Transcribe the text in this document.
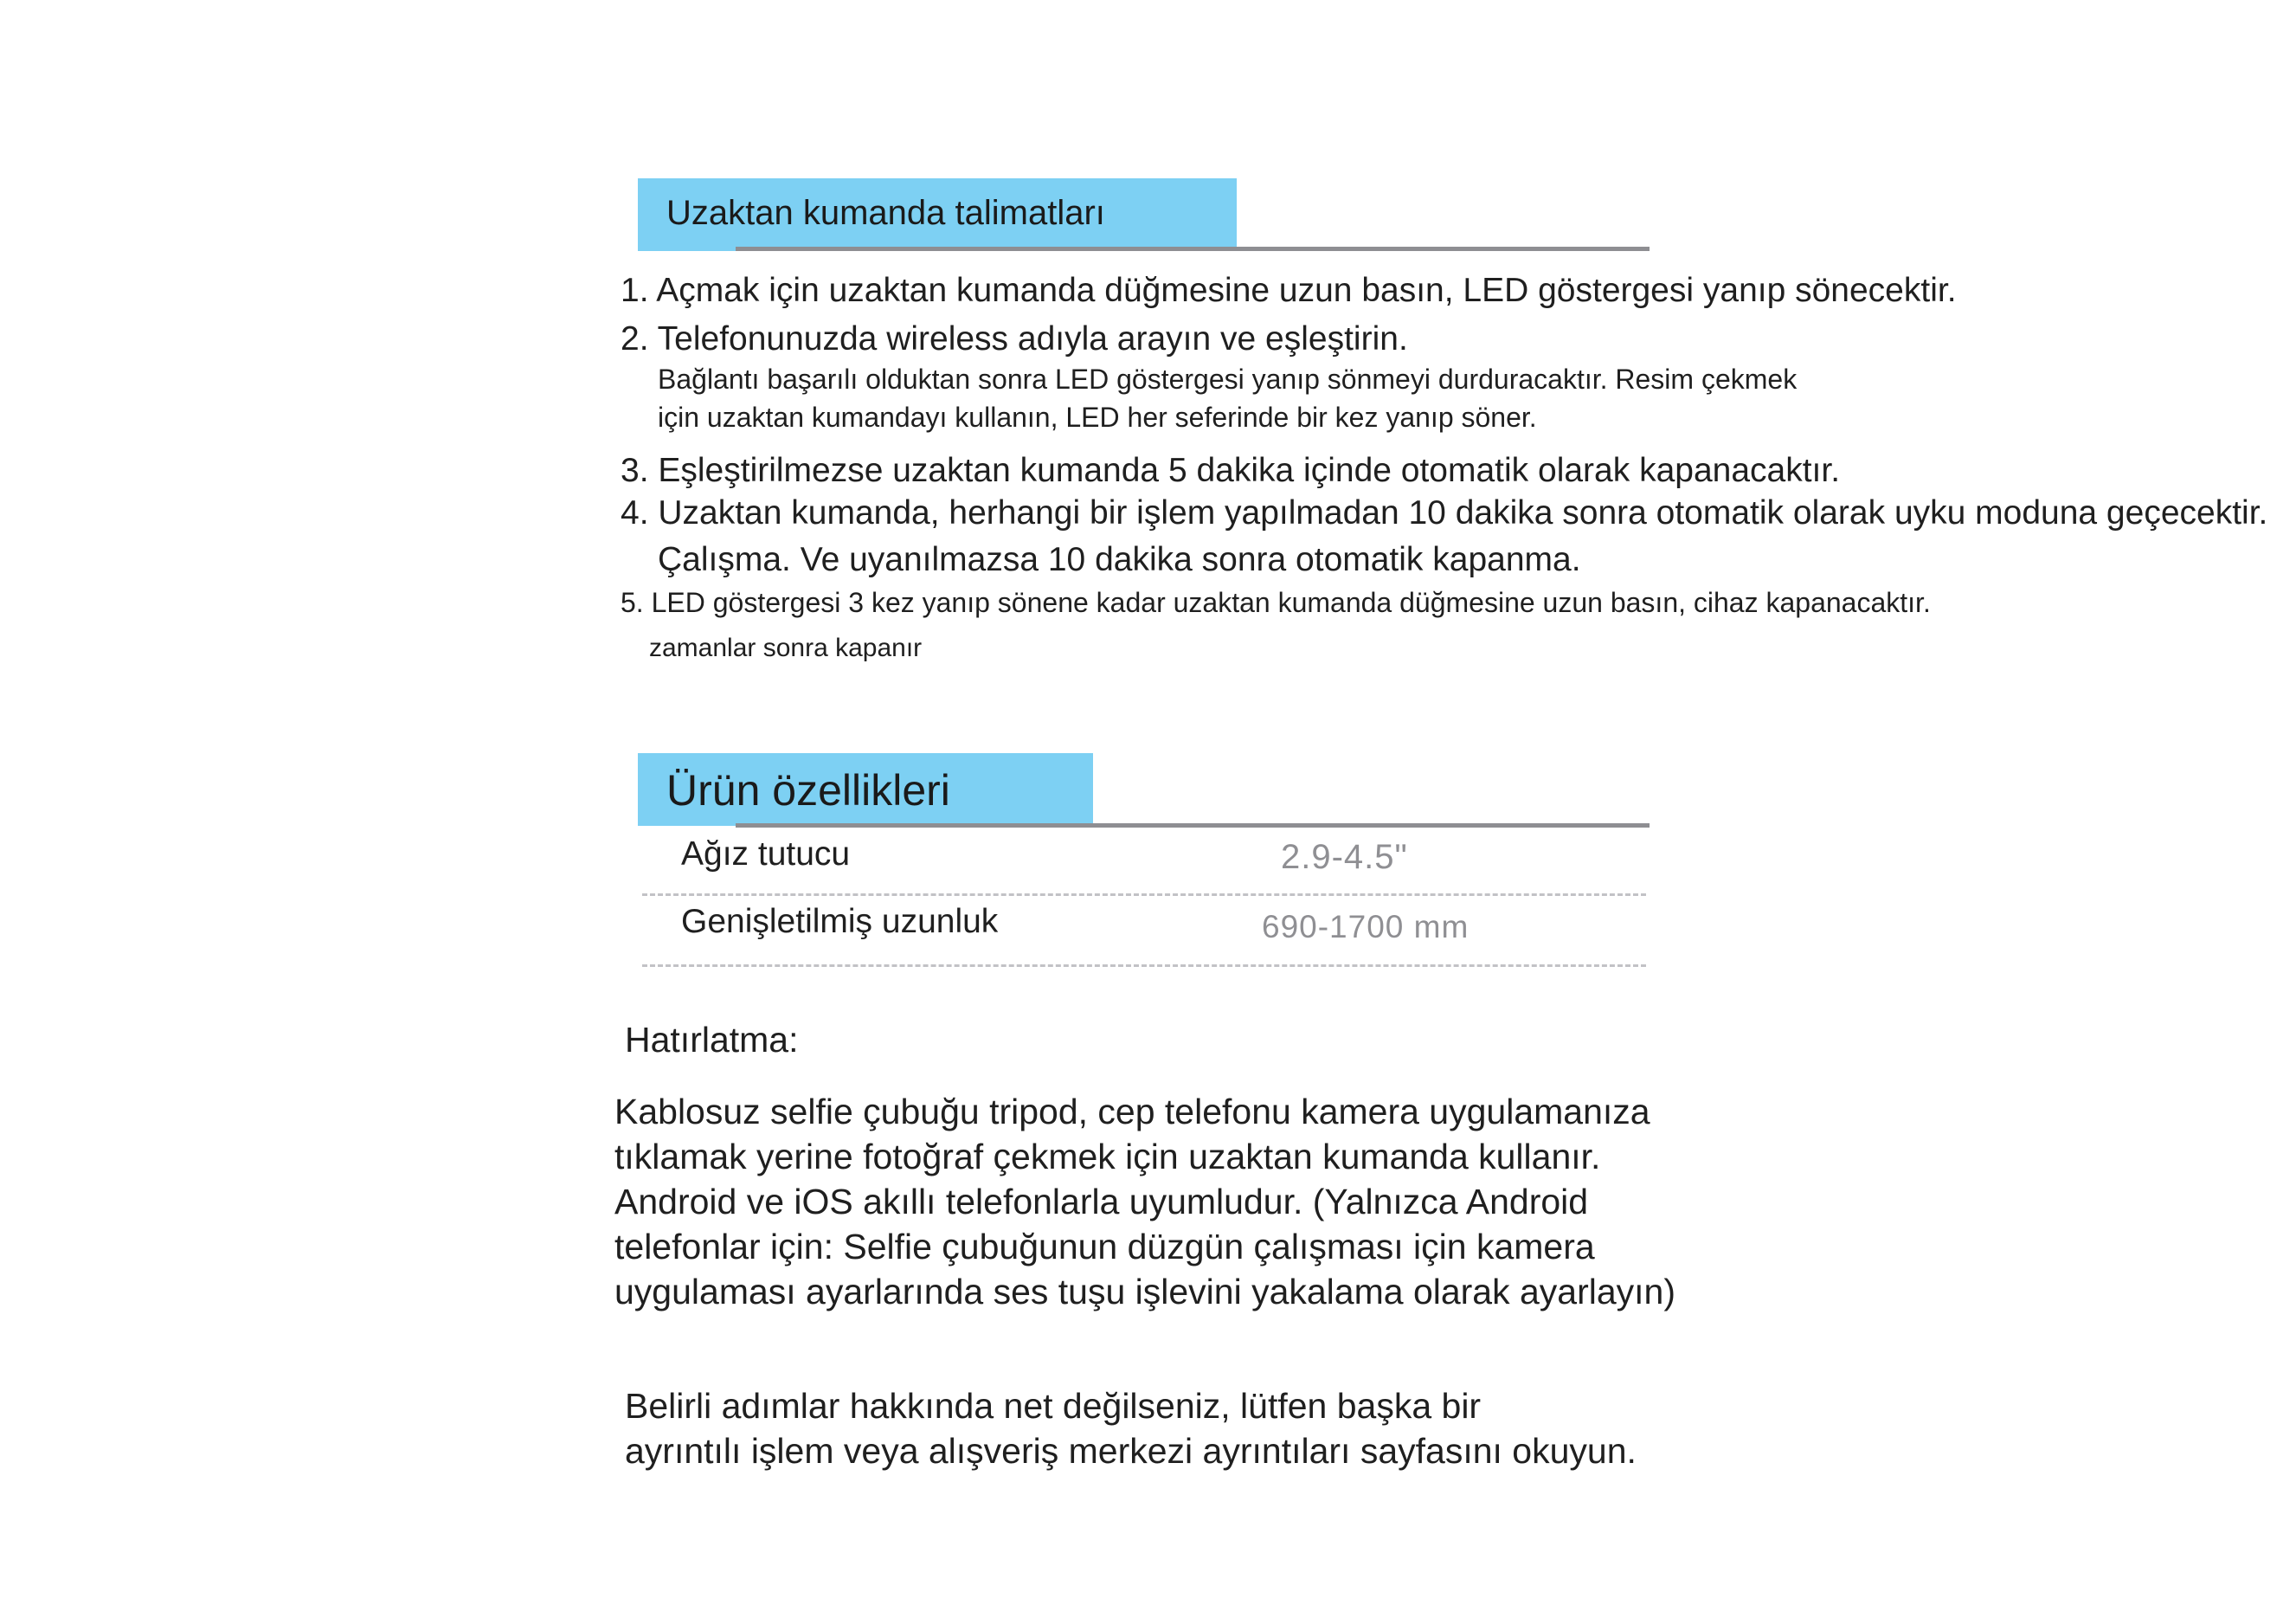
Uzaktan kumanda talimatları
1. Açmak için uzaktan kumanda düğmesine uzun basın, LED göstergesi yanıp sönecektir.
2. Telefonunuzda wireless adıyla arayın ve eşleştirin.
Bağlantı başarılı olduktan sonra LED göstergesi yanıp sönmeyi durduracaktır. Resim çekmek
için uzaktan kumandayı kullanın, LED her seferinde bir kez yanıp söner.
3. Eşleştirilmezse uzaktan kumanda 5 dakika içinde otomatik olarak kapanacaktır.
4. Uzaktan kumanda, herhangi bir işlem yapılmadan 10 dakika sonra otomatik olarak uyku moduna geçecektir.
Çalışma. Ve uyanılmazsa 10 dakika sonra otomatik kapanma.
5. LED göstergesi 3 kez yanıp sönene kadar uzaktan kumanda düğmesine uzun basın, cihaz kapanacaktır.
zamanlar sonra kapanır
Ürün özellikleri
Ağız tutucu	2.9-4.5"
Genişletilmiş uzunluk	690-1700 mm
Hatırlatma:
Kablosuz selfie çubuğu tripod, cep telefonu kamera uygulamanıza
tıklamak yerine fotoğraf çekmek için uzaktan kumanda kullanır.
Android ve iOS akıllı telefonlarla uyumludur. (Yalnızca Android
telefonlar için: Selfie çubuğunun düzgün çalışması için kamera
uygulaması ayarlarında ses tuşu işlevini yakalama olarak ayarlayın)
Belirli adımlar hakkında net değilseniz, lütfen başka bir
ayrıntılı işlem veya alışveriş merkezi ayrıntıları sayfasını okuyun.
